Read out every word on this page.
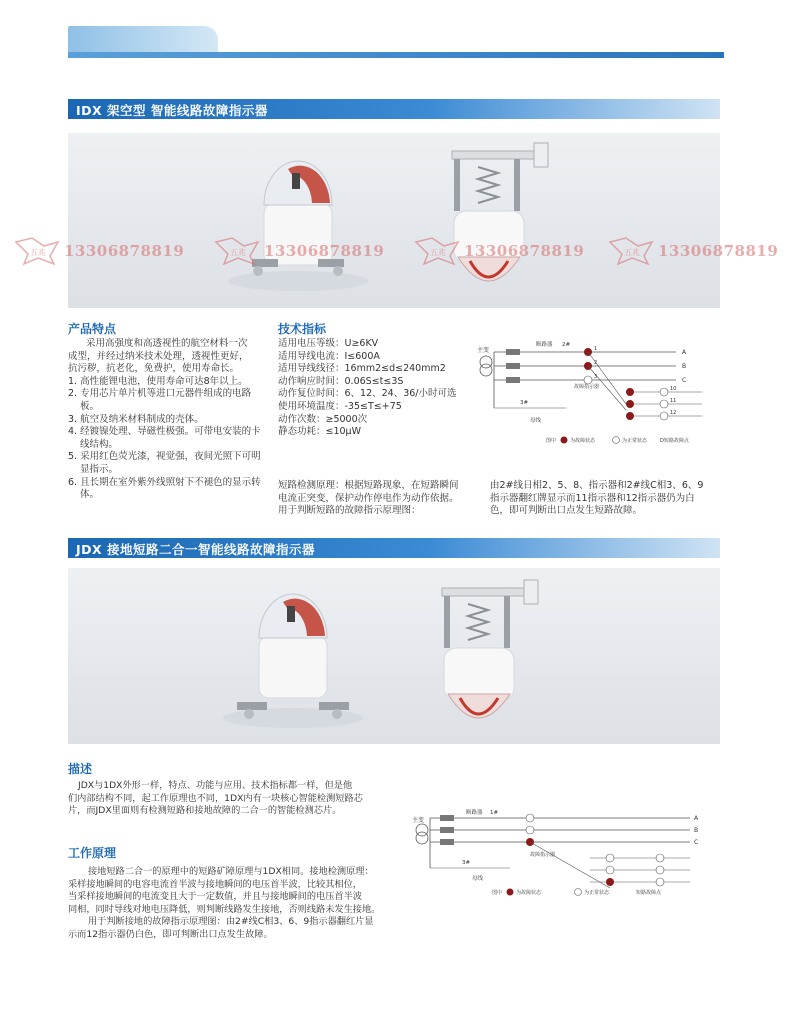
IDX 架空型 智能线路故障指示器
五兆 13306878819	五兆 13306878819	五兆 13306878819	五兆 13306878819
产品特点
采用高强度和高透视性的航空材料一次
成型，并经过纳米技术处理，透视性更好，
抗污秽，抗老化，免费护，使用寿命长。
1. 高性能锂电池，使用寿命可达8年以上。
2. 专用芯片单片机等进口元器件组成的电路板。
3. 航空及纳米材料制成的壳体。
4. 经镀镍处理、导磁性极强。可带电安装的卡线结构。
5. 采用红色荧光漆，视觉强，夜间光照下可明显指示。
6. 且长期在室外紫外线照射下不褪色的显示转体。
技术指标
适用电压等级：U≥6KV
适用导线电流：I≤600A
适用导线线径：16mm2≤d≤240mm2
动作响应时间：0.06S≤t≤3S
动作复位时间：6、12、24、36/小时可选
使用环境温度：-35≤T≤+75
动作次数：≥5000次
静态功耗：≤10μW
短路检测原理：根据短路现象，在短路瞬间
电流正突变，保护动作停电作为动作依据。
用于判断短路的故障指示原理图：
由2#线日相2、5、8、指示器和2#线C相3、6、9
指示器翻红牌显示而11指示器和12指示器仍为白
色，即可判断出口点发生短路故障。
主变
断路器 2#
A
B
C
1
2
3
10
11
12
故障指示器
3#
母线
图中	为故障状态	为正常状态	D短路故障点
JDX 接地短路二合一智能线路故障指示器
描述
JDX与1DX外形一样，特点、功能与应用、技术指标都一样，但是他
们内部结构不同，起工作原理也不同，1DX内有一块核心智能检测短路芯
片，而JDX里面则有检测短路和接地故障的二合一的智能检测芯片。
工作原理
接地短路二合一的原理中的短路矿障原理与1DX相同。接地检测原理：
采样接地瞬间的电容电流首半波与接地瞬间的电压首半波，比较其相位，
当采样接地瞬间的电流变且大于一定数值，并且与接地瞬间的电压首半波
同相，同时导线对地电压降低，则判断线路发生接地，否则线路未发生接地。
用于判断接地的故障指示原理图：由2#线C相3、6、9指示器翻红片显
示而12指示器仍白色，即可判断出口点发生故障。
主变
断路器 1#
A
B
C
故障指示器
3#
母线
图中	为故障状态	为正常状态	短路故障点
